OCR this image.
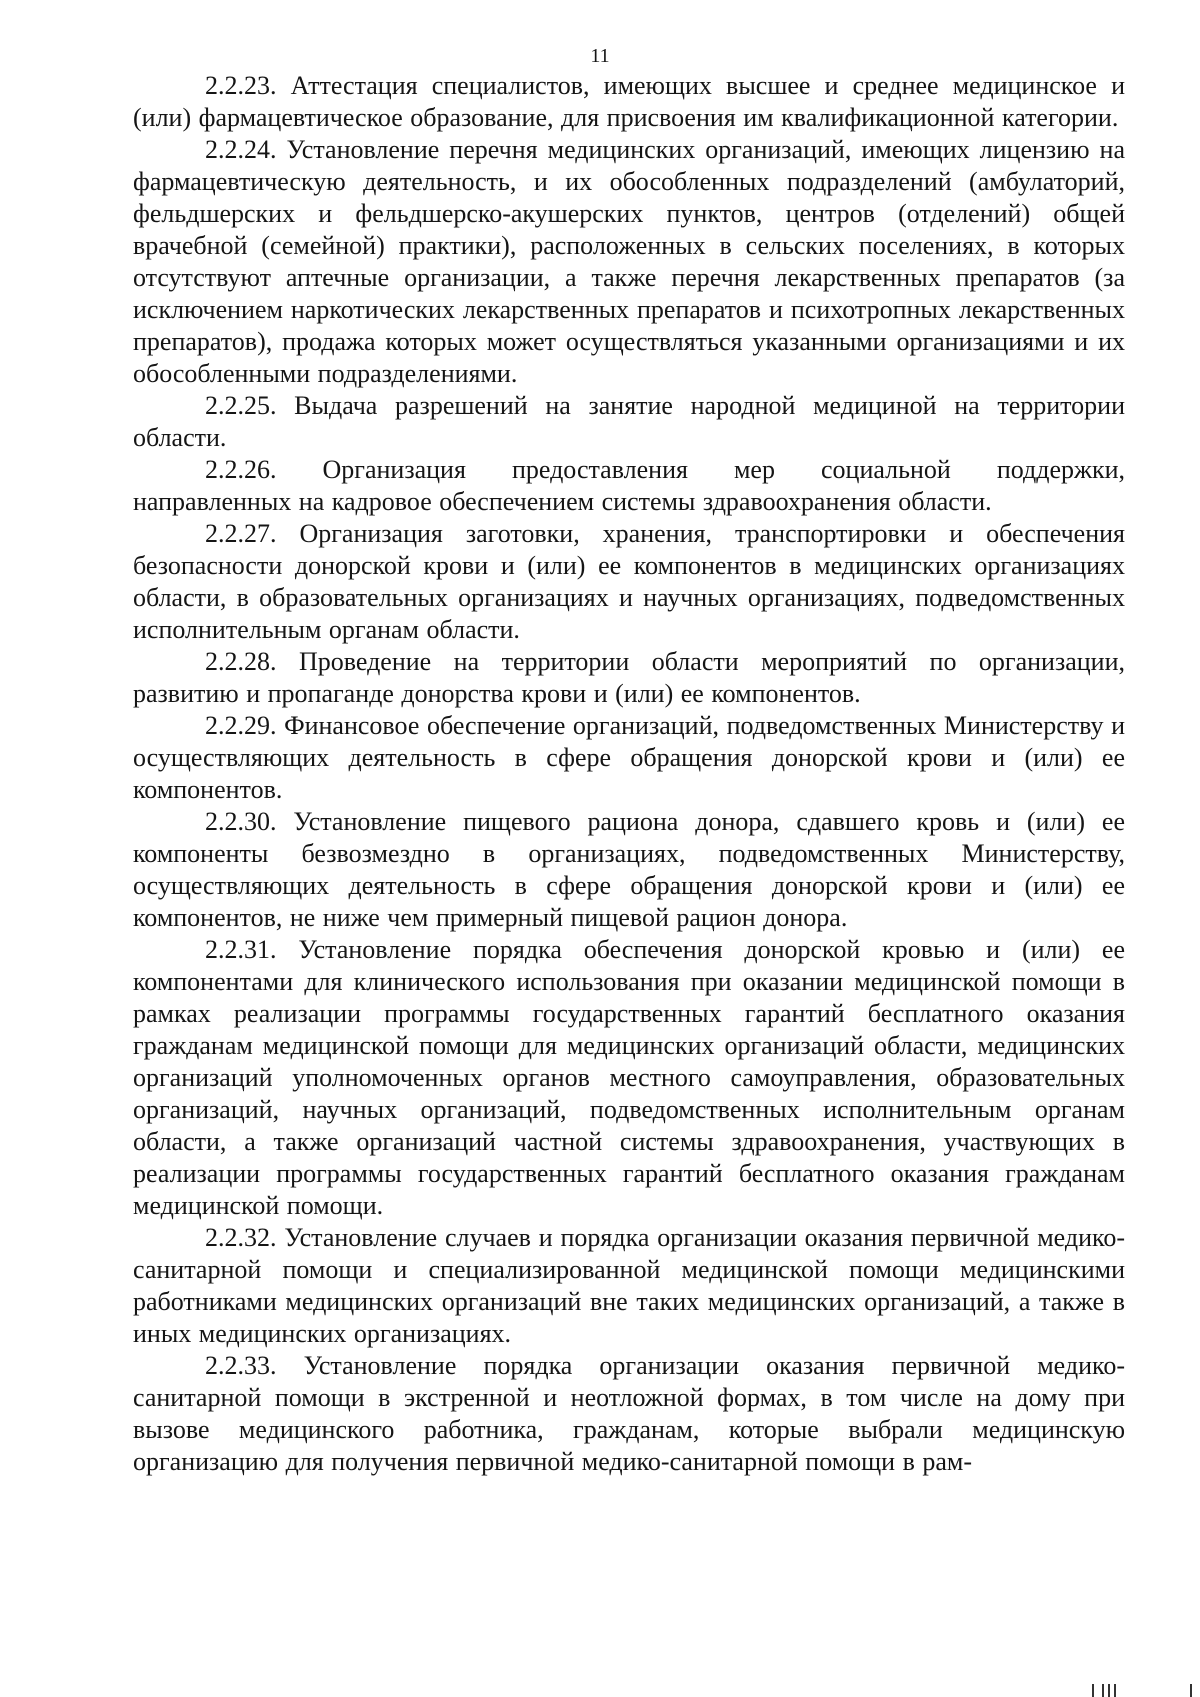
11

2.2.23. Аттестация специалистов, имеющих высшее и среднее медицинское и (или) фармацевтическое образование, для присвоения им квалификационной категории.

2.2.24. Установление перечня медицинских организаций, имеющих лицензию на фармацевтическую деятельность, и их обособленных подразделений (амбулаторий, фельдшерских и фельдшерско-акушерских пунктов, центров (отделений) общей врачебной (семейной) практики), расположенных в сельских поселениях, в которых отсутствуют аптечные организации, а также перечня лекарственных препаратов (за исключением наркотических лекарственных препаратов и психотропных лекарственных препаратов), продажа которых может осуществляться указанными организациями и их обособленными подразделениями.

2.2.25. Выдача разрешений на занятие народной медициной на территории области.

2.2.26. Организация предоставления мер социальной поддержки,

направленных на кадровое обеспечением системы здравоохранения области.

2.2.27. Организация заготовки, хранения, транспортировки и обеспечения безопасности донорской крови и (или) ее компонентов в медицинских организациях области, в образовательных организациях и научных организациях, подведомственных исполнительным органам области.

2.2.28. Проведение на территории области мероприятий по организации, развитию и пропаганде донорства крови и (или) ее компонентов.

2.2.29. Финансовое обеспечение организаций, подведомственных Министерству и осуществляющих деятельность в сфере обращения донорской крови и (или) ее компонентов.

2.2.30. Установление пищевого рациона донора, сдавшего кровь и (или) ее компоненты безвозмездно в организациях, подведомственных Министерству, осуществляющих деятельность в сфере обращения донорской крови и (или) ее компонентов, не ниже чем примерный пищевой рацион донора.

2.2.31. Установление порядка обеспечения донорской кровью и (или) ее компонентами для клинического использования при оказании медицинской помощи в рамках реализации программы государственных гарантий бесплатного оказания гражданам медицинской помощи для медицинских организаций области, медицинских организаций уполномоченных органов местного самоуправления, образовательных организаций, научных организаций, подведомственных исполнительным органам области, а также организаций частной системы здравоохранения, участвующих в реализации программы государственных гарантий бесплатного оказания гражданам медицинской помощи.

2.2.32. Установление случаев и порядка организации оказания первичной медико-санитарной помощи и специализированной медицинской помощи медицинскими работниками медицинских организаций вне таких медицинских организаций, а также в иных медицинских организациях.

2.2.33. Установление порядка организации оказания первичной медико-санитарной помощи в экстренной и неотложной формах, в том числе на дому при вызове медицинского работника, гражданам, которые выбрали медицинскую организацию для получения первичной медико-санитарной помощи в рам-
